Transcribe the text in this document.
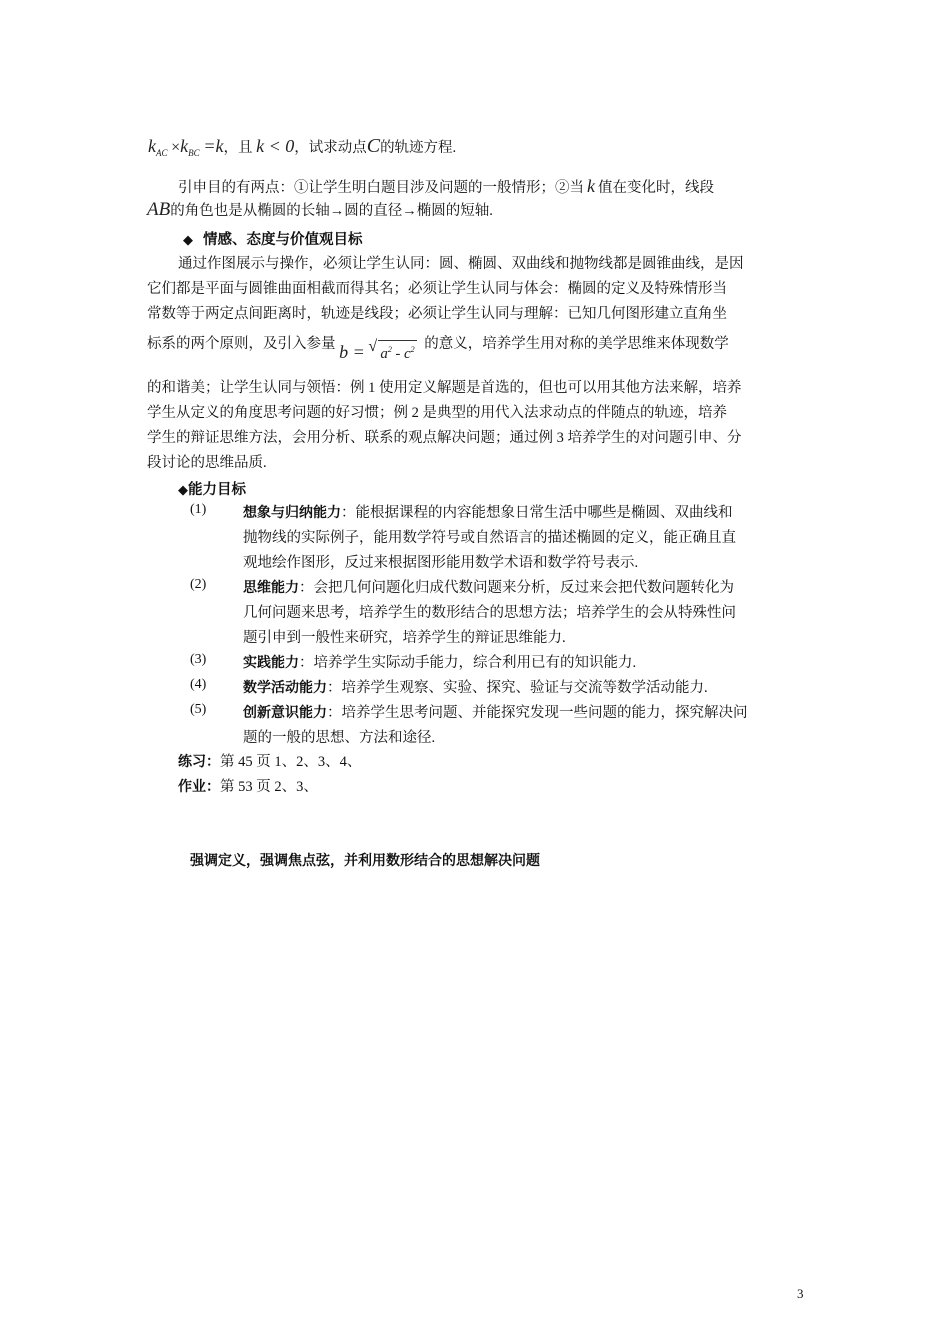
$k_{AC} \times k_{BC} =k$，且 k < 0，试求动点C的轨迹方程.
引申目的有两点：①让学生明白题目涉及问题的一般情形；②当 k 值在变化时，线段
AB的角色也是从椭圆的长轴→圆的直径→椭圆的短轴.
◆ 情感、态度与价值观目标
通过作图展示与操作，必须让学生认同：圆、椭圆、双曲线和抛物线都是圆锥曲线，是因
它们都是平面与圆锥曲面相截而得其名；必须让学生认同与体会：椭圆的定义及特殊情形当
常数等于两定点间距离时，轨迹是线段；必须让学生认同与理解：已知几何图形建立直角坐
标系的两个原则，及引入参量 b = √ $a^2 - c^2$ 的意义，培养学生用对称的美学思维来体现数学
的和谐美；让学生认同与领悟：例 1 使用定义解题是首选的，但也可以用其他方法来解，培养
学生从定义的角度思考问题的好习惯；例 2 是典型的用代入法求动点的伴随点的轨迹，培养
学生的辩证思维方法，会用分析、联系的观点解决问题；通过例 3 培养学生的对问题引申、分
段讨论的思维品质.
◆能力目标
(1)	想象与归纳能力：能根据课程的内容能想象日常生活中哪些是椭圆、双曲线和
抛物线的实际例子，能用数学符号或自然语言的描述椭圆的定义，能正确且直
观地绘作图形，反过来根据图形能用数学术语和数学符号表示.
(2)	思维能力：会把几何问题化归成代数问题来分析，反过来会把代数问题转化为
几何问题来思考，培养学生的数形结合的思想方法；培养学生的会从特殊性问
题引申到一般性来研究，培养学生的辩证思维能力.
(3)	实践能力：培养学生实际动手能力，综合利用已有的知识能力.
(4)	数学活动能力：培养学生观察、实验、探究、验证与交流等数学活动能力.
(5)	创新意识能力：培养学生思考问题、并能探究发现一些问题的能力，探究解决问
题的一般的思想、方法和途径.
练习：第 45 页 1、2、3、4、
作业：第 53 页 2、3、
强调定义，强调焦点弦，并利用数形结合的思想解决问题
3
